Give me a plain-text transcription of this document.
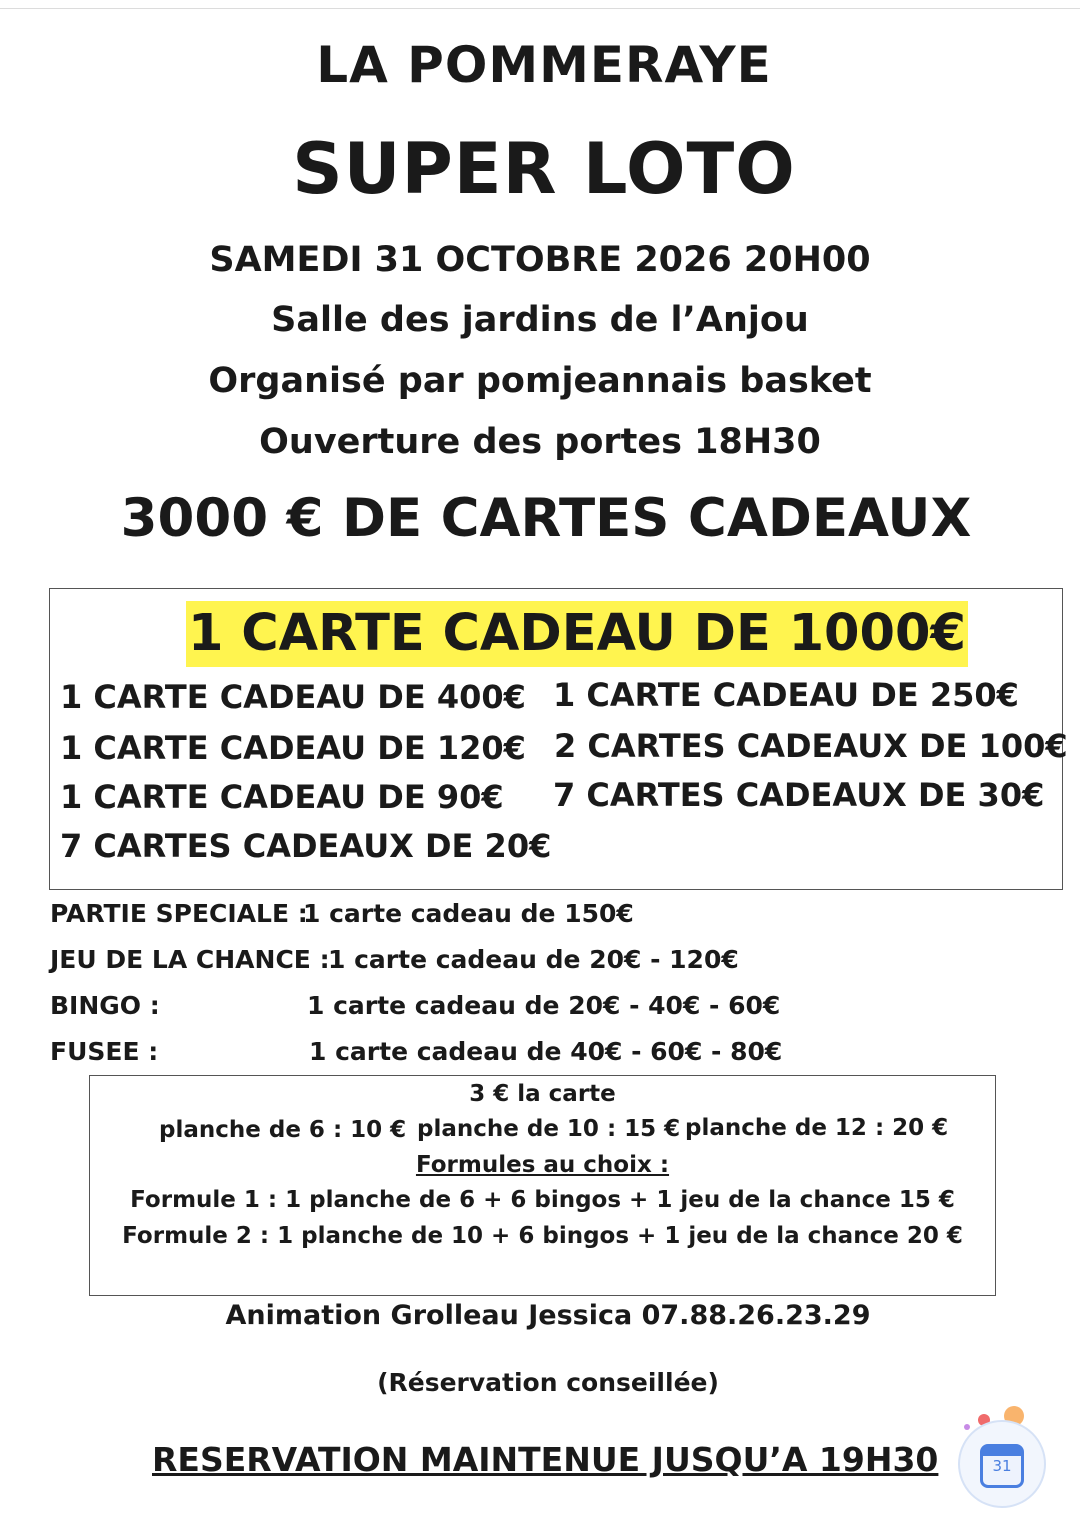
LA POMMERAYE
SUPER LOTO
SAMEDI 31 OCTOBRE 2026 20H00
Salle des jardins de l’Anjou
Organisé par pomjeannais basket
Ouverture des portes 18H30
3000 € DE CARTES CADEAUX
1 CARTE CADEAU DE 1000€
1 CARTE CADEAU DE 400€ 1 CARTE CADEAU DE 250€
1 CARTE CADEAU DE 120€ 2 CARTES CADEAUX DE 100€
1 CARTE CADEAU DE 90€ 7 CARTES CADEAUX DE 30€
7 CARTES CADEAUX DE 20€
PARTIE SPECIALE :
1 carte cadeau de 150€
JEU DE LA CHANCE :
1 carte cadeau de 20€ - 120€
BINGO :	1 carte cadeau de 20€ - 40€ - 60€
FUSEE :	1 carte cadeau de 40€ - 60€ - 80€
3 € la carte
planche de 6 : 10 € planche de 10 : 15 € planche de 12 : 20 €
Formules au choix :
Formule 1 : 1 planche de 6 + 6 bingos + 1 jeu de la chance 15 €
Formule 2 : 1 planche de 10 + 6 bingos + 1 jeu de la chance 20 €
Animation Grolleau Jessica 07.88.26.23.29
(Réservation conseillée)
RESERVATION MAINTENUE JUSQU’A 19H30	31
